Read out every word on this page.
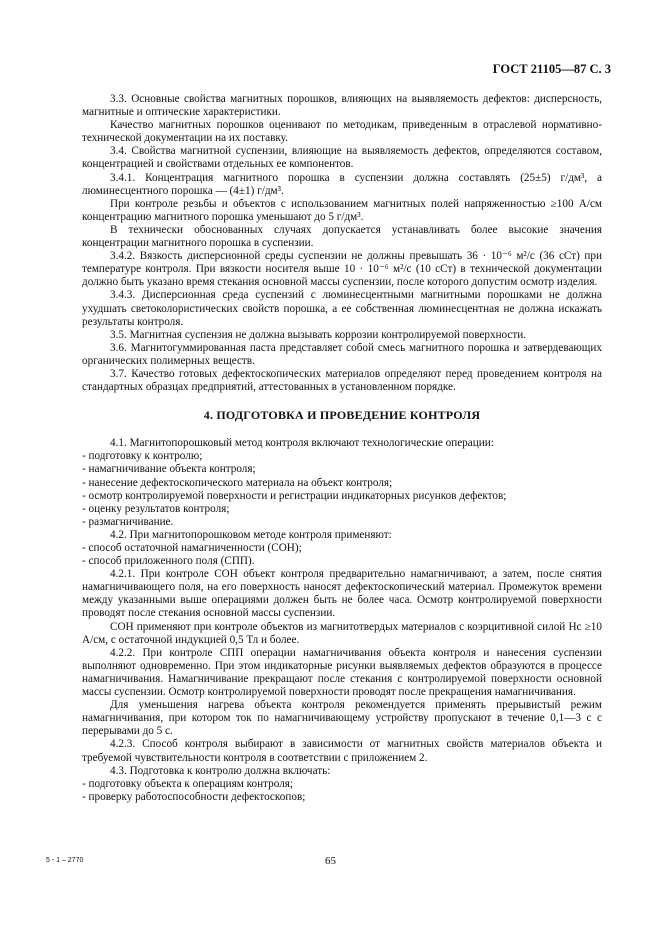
ГОСТ 21105—87 С. 3

3.3. Основные свойства магнитных порошков, влияющих на выявляемость дефектов: дисперсность, магнитные и оптические характеристики.

Качество магнитных порошков оценивают по методикам, приведенным в отраслевой нормативно-технической документации на их поставку.

3.4. Свойства магнитной суспензии, влияющие на выявляемость дефектов, определяются составом, концентрацией и свойствами отдельных ее компонентов.

3.4.1. Концентрация магнитного порошка в суспензии должна составлять (25±5) г/дм³, а люминесцентного порошка — (4±1) г/дм³.

При контроле резьбы и объектов с использованием магнитных полей напряженностью ≥100 А/см концентрацию магнитного порошка уменьшают до 5 г/дм³.

В технически обоснованных случаях допускается устанавливать более высокие значения концентрации магнитного порошка в суспензии.

3.4.2. Вязкость дисперсионной среды суспензии не должны превышать 36 · 10⁻⁶ м²/с (36 сСт) при температуре контроля. При вязкости носителя выше 10 · 10⁻⁶ м²/с (10 сСт) в технической документации должно быть указано время стекания основной массы суспензии, после которого допустим осмотр изделия.

3.4.3. Дисперсионная среда суспензий с люминесцентными магнитными порошками не должна ухудшать светоколористических свойств порошка, а ее собственная люминесцентная не должна искажать результаты контроля.

3.5. Магнитная суспензия не должна вызывать коррозии контролируемой поверхности.

3.6. Магнитогуммированная паста представляет собой смесь магнитного порошка и затвердевающих органических полимерных веществ.

3.7. Качество готовых дефектоскопических материалов определяют перед проведением контроля на стандартных образцах предприятий, аттестованных в установленном порядке.

4. ПОДГОТОВКА И ПРОВЕДЕНИЕ КОНТРОЛЯ

4.1. Магнитопорошковый метод контроля включают технологические операции:

- подготовку к контролю;

- намагничивание объекта контроля;

- нанесение дефектоскопического материала на объект контроля;

- осмотр контролируемой поверхности и регистрации индикаторных рисунков дефектов;

- оценку результатов контроля;

- размагничивание.

4.2. При магнитопорошковом методе контроля применяют:

- способ остаточной намагниченности (СОН);

- способ приложенного поля (СПП).

4.2.1. При контроле СОН объект контроля предварительно намагничивают, а затем, после снятия намагничивающего поля, на его поверхность наносят дефектоскопический материал. Промежуток времени между указанными выше операциями должен быть не более часа. Осмотр контролируемой поверхности проводят после стекания основной массы суспензии.

СОН применяют при контроле объектов из магнитотвердых материалов с коэрцитивной силой Hc ≥10 А/см, с остаточной индукцией 0,5 Тл и более.

4.2.2. При контроле СПП операции намагничивания объекта контроля и нанесения суспензии выполняют одновременно. При этом индикаторные рисунки выявляемых дефектов образуются в процессе намагничивания. Намагничивание прекращают после стекания с контролируемой поверхности основной массы суспензии. Осмотр контролируемой поверхности проводят после прекращения намагничивания.

Для уменьшения нагрева объекта контроля рекомендуется применять прерывистый режим намагничивания, при котором ток по намагничивающему устройству пропускают в течение 0,1—3 с с перерывами до 5 с.

4.2.3. Способ контроля выбирают в зависимости от магнитных свойств материалов объекта и требуемой чувствительности контроля в соответствии с приложением 2.

4.3. Подготовка к контролю должна включать:

- подготовку объекта к операциям контроля;

- проверку работоспособности дефектоскопов;

5 - 1 – 2770	65
